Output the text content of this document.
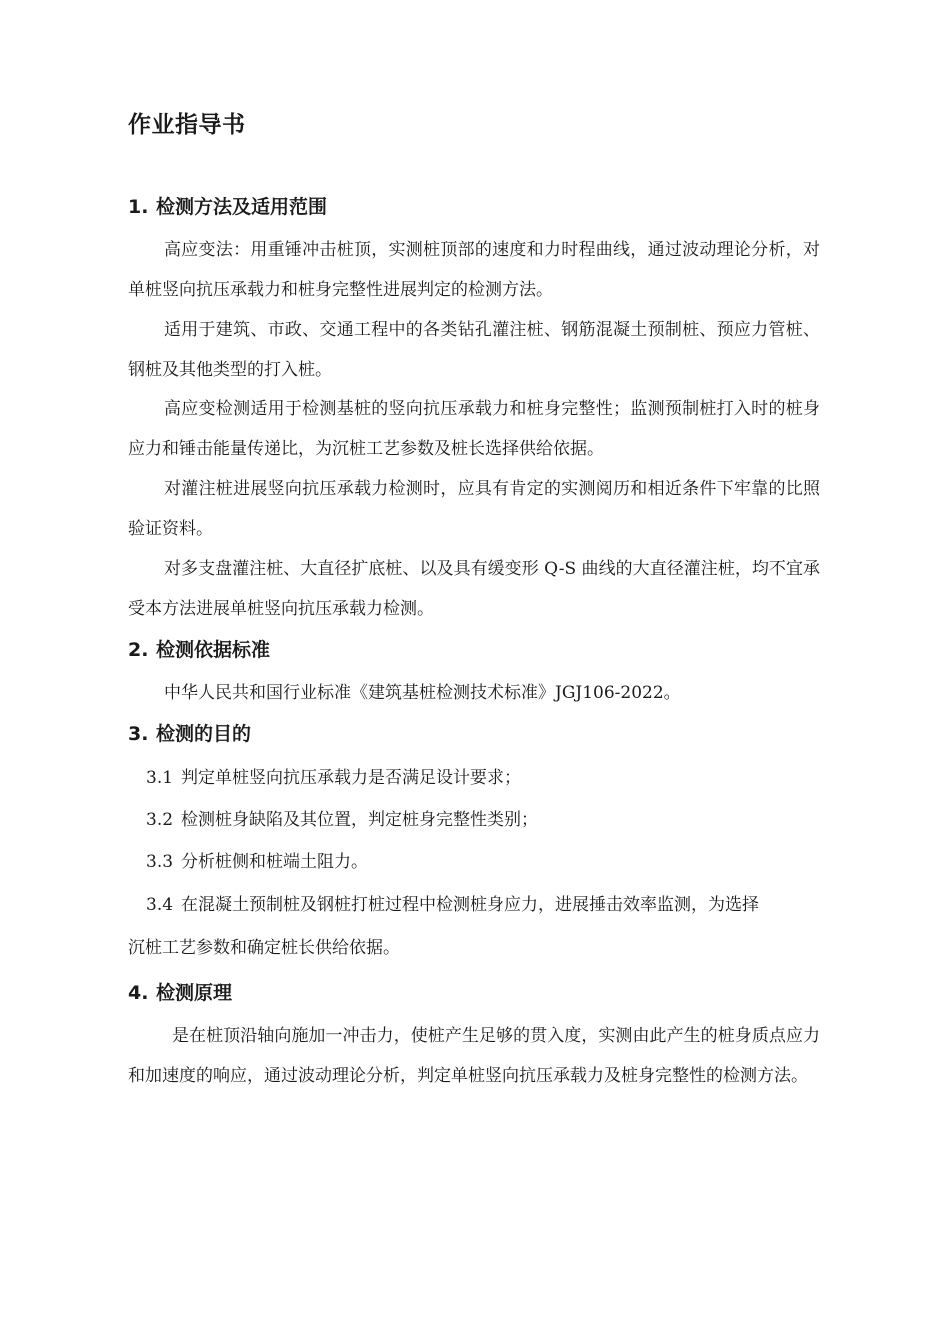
作业指导书
1. 检测方法及适用范围

高应变法：用重锤冲击桩顶，实测桩顶部的速度和力时程曲线，通过波动理论分析，对单桩竖向抗压承载力和桩身完整性进展判定的检测方法。

适用于建筑、市政、交通工程中的各类钻孔灌注桩、钢筋混凝土预制桩、预应力管桩、钢桩及其他类型的打入桩。

高应变检测适用于检测基桩的竖向抗压承载力和桩身完整性；监测预制桩打入时的桩身应力和锤击能量传递比，为沉桩工艺参数及桩长选择供给依据。

对灌注桩进展竖向抗压承载力检测时，应具有肯定的实测阅历和相近条件下牢靠的比照验证资料。

对多支盘灌注桩、大直径扩底桩、以及具有缓变形 Q-S 曲线的大直径灌注桩，均不宜承受本方法进展单桩竖向抗压承载力检测。

2. 检测依据标准

中华人民共和国行业标准《建筑基桩检测技术标准》JGJ106-2022。

3. 检测的目的

3.1 判定单桩竖向抗压承载力是否满足设计要求；

3.2 检测桩身缺陷及其位置，判定桩身完整性类别；

3.3 分析桩侧和桩端土阻力。

3.4 在混凝土预制桩及钢桩打桩过程中检测桩身应力，进展捶击效率监测，为选择

沉桩工艺参数和确定桩长供给依据。

4. 检测原理

是在桩顶沿轴向施加一冲击力，使桩产生足够的贯入度，实测由此产生的桩身质点应力和加速度的响应，通过波动理论分析，判定单桩竖向抗压承载力及桩身完整性的检测方法。
